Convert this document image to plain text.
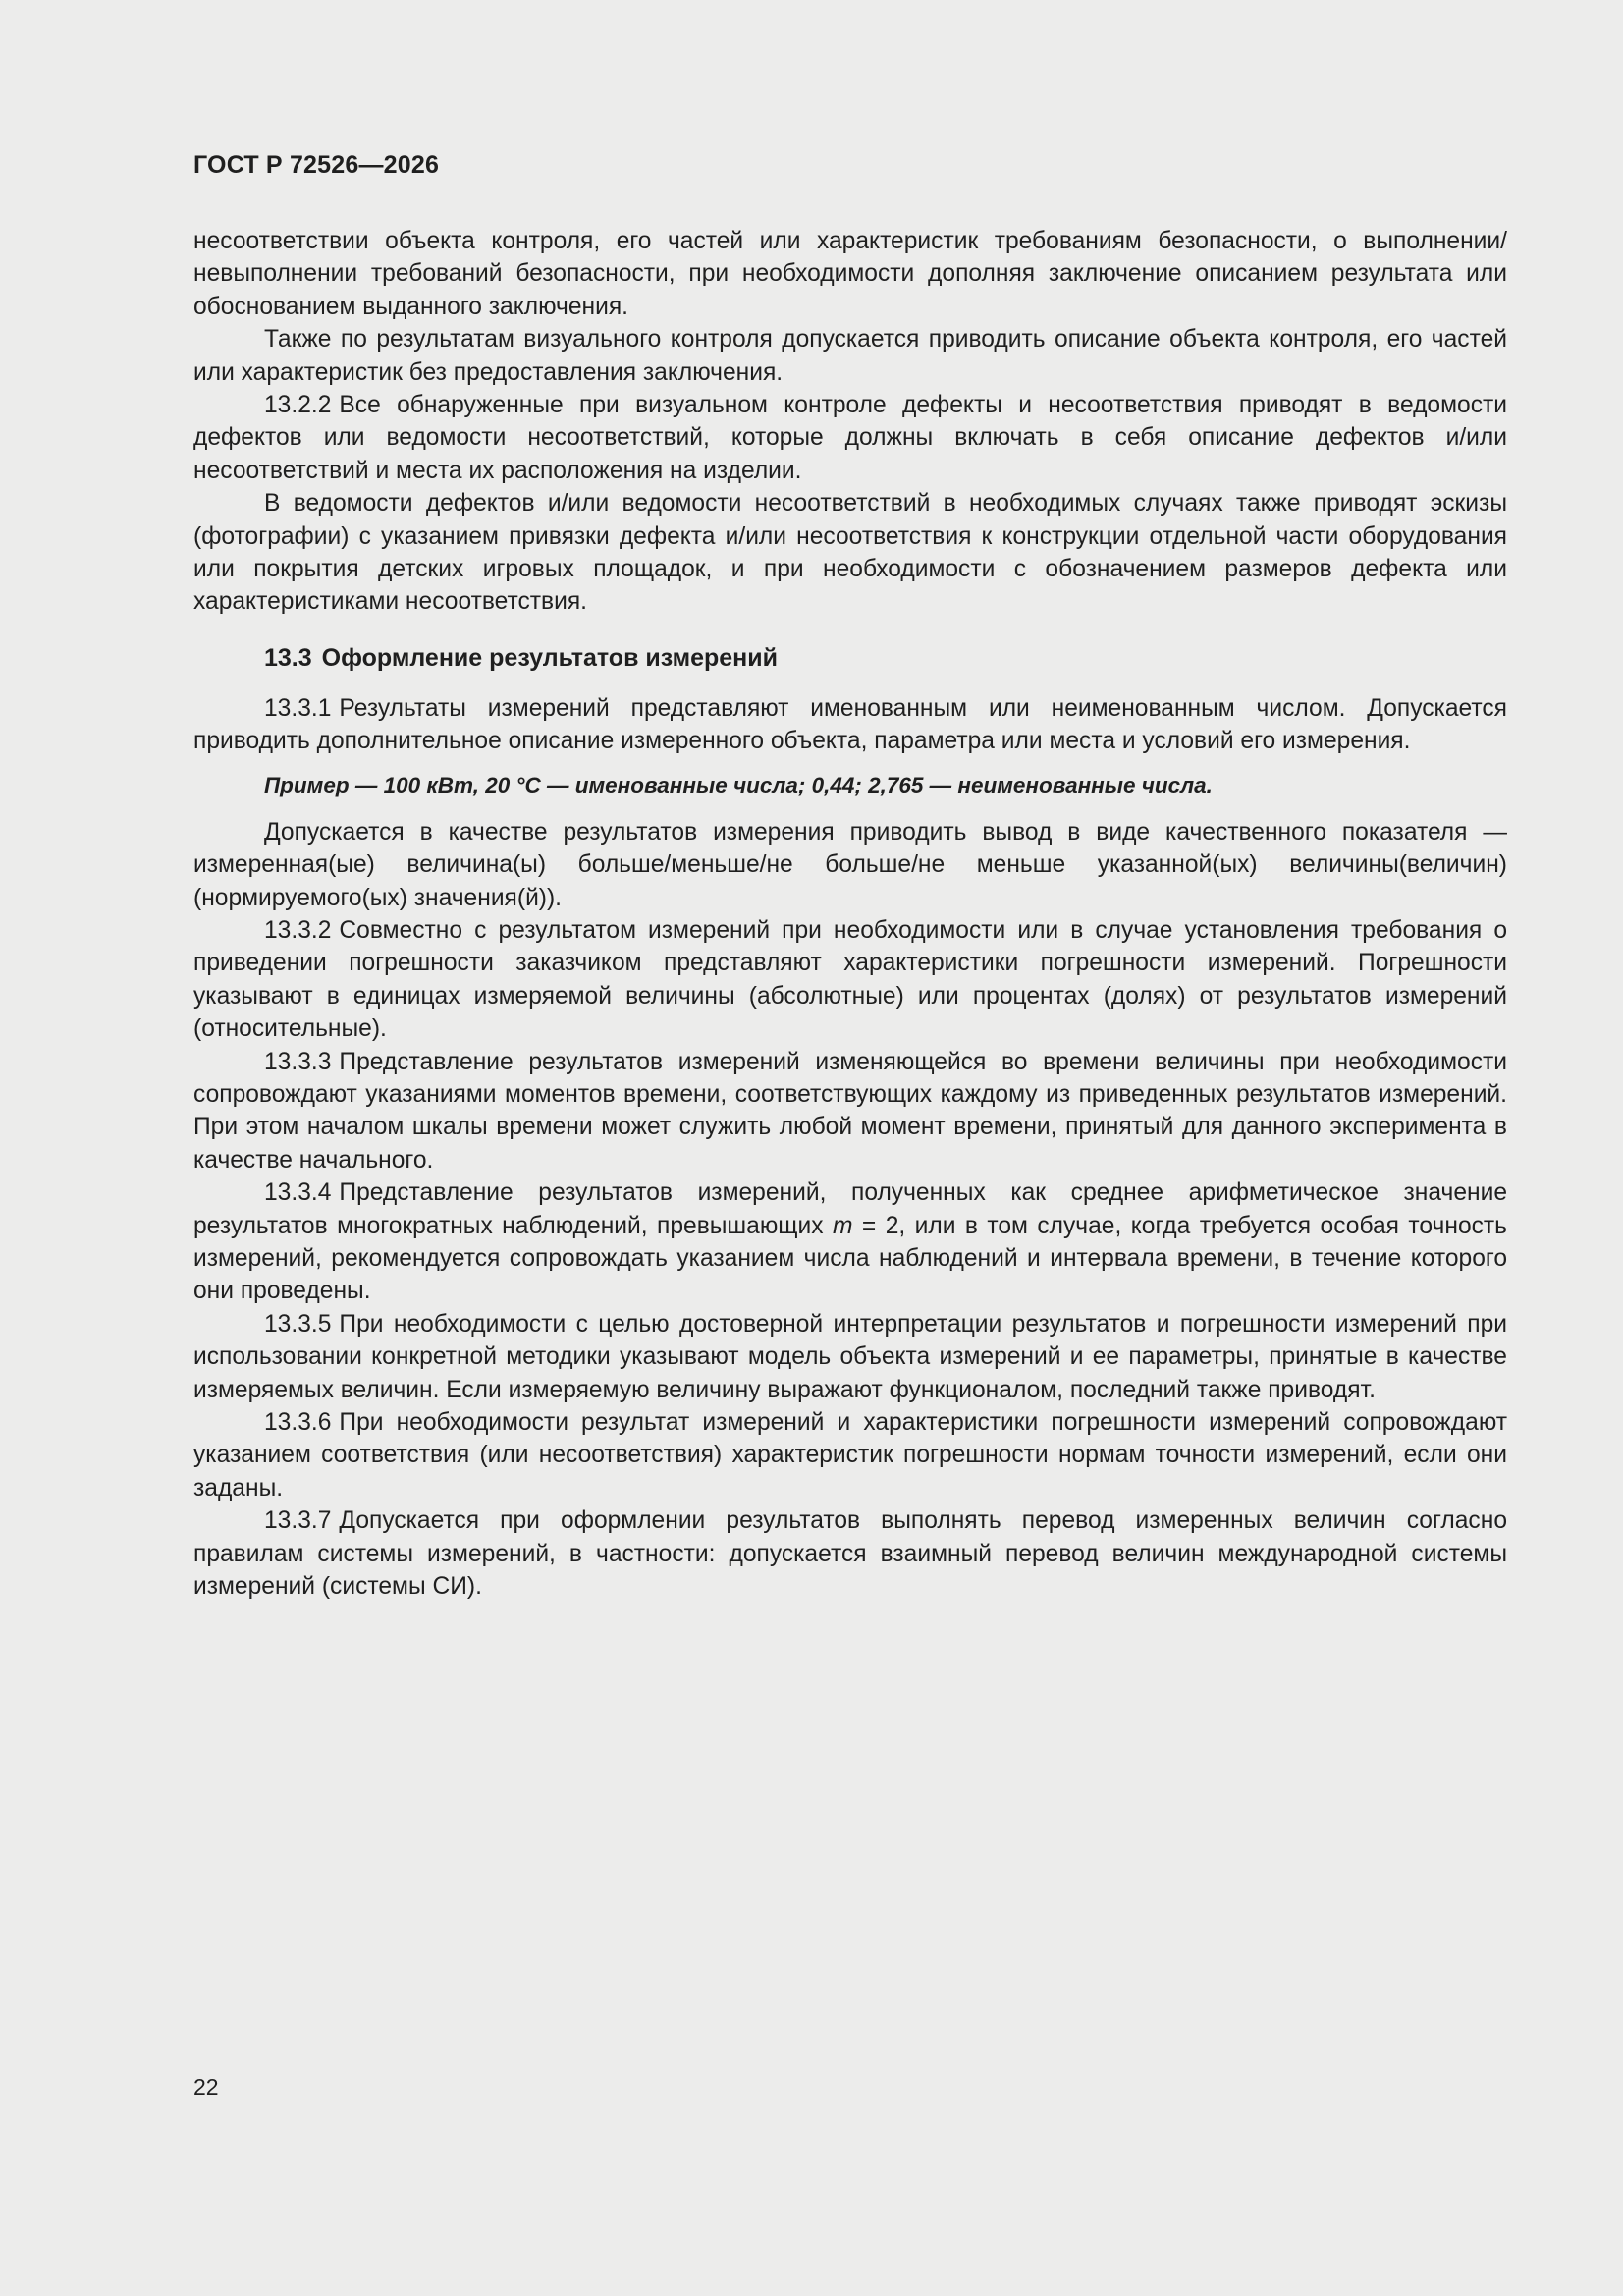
ГОСТ Р 72526—2026

несоответствии объекта контроля, его частей или характеристик требованиям безопасности, о выполнении/невыполнении требований безопасности, при необходимости дополняя заключение описанием результата или обоснованием выданного заключения.

Также по результатам визуального контроля допускается приводить описание объекта контроля, его частей или характеристик без предоставления заключения.

13.2.2 Все обнаруженные при визуальном контроле дефекты и несоответствия приводят в ведомости дефектов или ведомости несоответствий, которые должны включать в себя описание дефектов и/или несоответствий и места их расположения на изделии.

В ведомости дефектов и/или ведомости несоответствий в необходимых случаях также приводят эскизы (фотографии) с указанием привязки дефекта и/или несоответствия к конструкции отдельной части оборудования или покрытия детских игровых площадок, и при необходимости с обозначением размеров дефекта или характеристиками несоответствия.

13.3 Оформление результатов измерений

13.3.1 Результаты измерений представляют именованным или неименованным числом. Допускается приводить дополнительное описание измеренного объекта, параметра или места и условий его измерения.

Пример — 100 кВт, 20 °С — именованные числа; 0,44; 2,765 — неименованные числа.

Допускается в качестве результатов измерения приводить вывод в виде качественного показателя — измеренная(ые) величина(ы) больше/меньше/не больше/не меньше указанной(ых) величины(величин) (нормируемого(ых) значения(й)).

13.3.2 Совместно с результатом измерений при необходимости или в случае установления требования о приведении погрешности заказчиком представляют характеристики погрешности измерений. Погрешности указывают в единицах измеряемой величины (абсолютные) или процентах (долях) от результатов измерений (относительные).

13.3.3 Представление результатов измерений изменяющейся во времени величины при необходимости сопровождают указаниями моментов времени, соответствующих каждому из приведенных результатов измерений. При этом началом шкалы времени может служить любой момент времени, принятый для данного эксперимента в качестве начального.

13.3.4 Представление результатов измерений, полученных как среднее арифметическое значение результатов многократных наблюдений, превышающих m = 2, или в том случае, когда требуется особая точность измерений, рекомендуется сопровождать указанием числа наблюдений и интервала времени, в течение которого они проведены.

13.3.5 При необходимости с целью достоверной интерпретации результатов и погрешности измерений при использовании конкретной методики указывают модель объекта измерений и ее параметры, принятые в качестве измеряемых величин. Если измеряемую величину выражают функционалом, последний также приводят.

13.3.6 При необходимости результат измерений и характеристики погрешности измерений сопровождают указанием соответствия (или несоответствия) характеристик погрешности нормам точности измерений, если они заданы.

13.3.7 Допускается при оформлении результатов выполнять перевод измеренных величин согласно правилам системы измерений, в частности: допускается взаимный перевод величин международной системы измерений (системы СИ).

22
